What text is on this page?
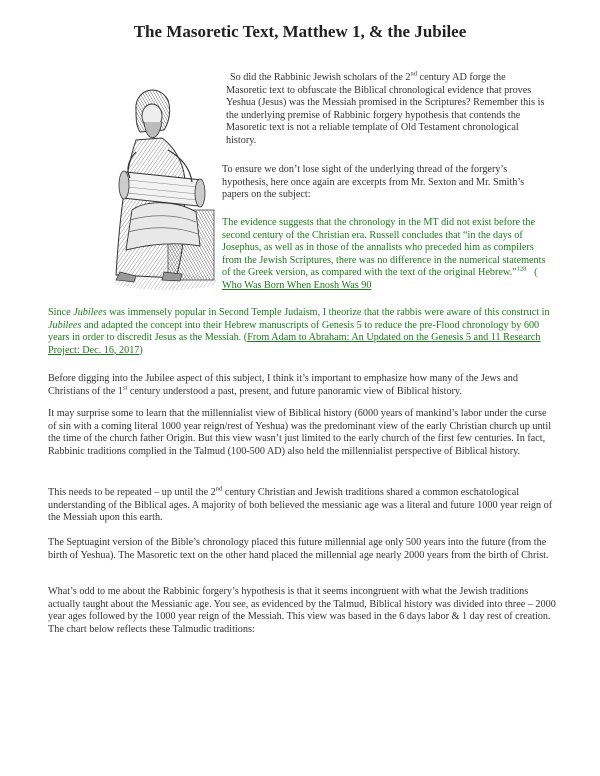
The Masoretic Text, Matthew 1, & the Jubilee

So did the Rabbinic Jewish scholars of the 2nd century AD forge the Masoretic text to obfuscate the Biblical chronological evidence that proves Yeshua (Jesus) was the Messiah promised in the Scriptures? Remember this is the underlying premise of Rabbinic forgery hypothesis that contends the Masoretic text is not a reliable template of Old Testament chronological history.

To ensure we don’t lose sight of the underlying thread of the forgery’s hypothesis, here once again are excerpts from Mr. Sexton and Mr. Smith’s papers on the subject:

The evidence suggests that the chronology in the MT did not exist before the second century of the Christian era. Russell concludes that “in the days of Josephus, as well as in those of the annalists who preceded him as compilers from the Jewish Scriptures, there was no difference in the numerical statements of the Greek version, as compared with the text of the original Hebrew.”$^{128}$   ( Who Was Born When Enosh Was 90

Since Jubilees was immensely popular in Second Temple Judaism, I theorize that the rabbis were aware of this construct in Jubilees and adapted the concept into their Hebrew manuscripts of Genesis 5 to reduce the pre-Flood chronology by 600 years in order to discredit Jesus as the Messiah. (From Adam to Abraham: An Updated on the Genesis 5 and 11 Research Project: Dec. 16, 2017)

Before digging into the Jubilee aspect of this subject, I think it’s important to emphasize how many of the Jews and Christians of the 1st century understood a past, present, and future panoramic view of Biblical history.

It may surprise some to learn that the millennialist view of Biblical history (6000 years of mankind’s labor under the curse of sin with a coming literal 1000 year reign/rest of Yeshua) was the predominant view of the early Christian church up until the time of the church father Origin. But this view wasn’t just limited to the early church of the first few centuries. In fact, Rabbinic traditions complied in the Talmud (100-500 AD) also held the millennialist perspective of Biblical history.

This needs to be repeated – up until the 2nd century Christian and Jewish traditions shared a common eschatological understanding of the Biblical ages. A majority of both believed the messianic age was a literal and future 1000 year reign of the Messiah upon this earth.

The Septuagint version of the Bible’s chronology placed this future millennial age only 500 years into the future (from the birth of Yeshua). The Masoretic text on the other hand placed the millennial age nearly 2000 years from the birth of Christ.

What’s odd to me about the Rabbinic forgery’s hypothesis is that it seems incongruent with what the Jewish traditions actually taught about the Messianic age. You see, as evidenced by the Talmud, Biblical history was divided into three – 2000 year ages followed by the 1000 year reign of the Messiah. This view was based in the 6 days labor & 1 day rest of creation. The chart below reflects these Talmudic traditions:
